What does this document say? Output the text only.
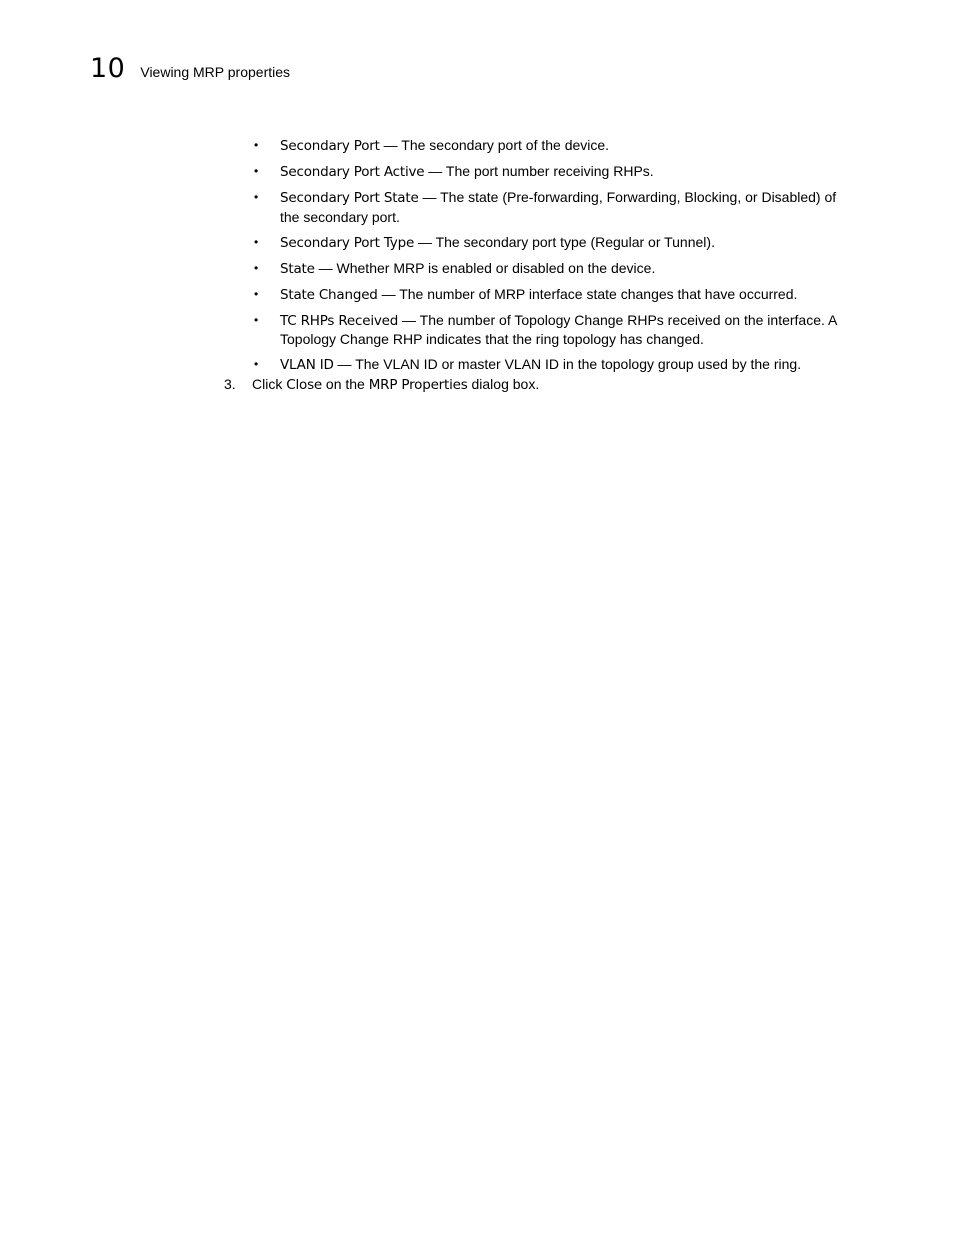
10 Viewing MRP properties
• Secondary Port — The secondary port of the device.
• Secondary Port Active — The port number receiving RHPs.
• Secondary Port State — The state (Pre-forwarding, Forwarding, Blocking, or Disabled) of the secondary port.
• Secondary Port Type — The secondary port type (Regular or Tunnel).
• State — Whether MRP is enabled or disabled on the device.
• State Changed — The number of MRP interface state changes that have occurred.
• TC RHPs Received — The number of Topology Change RHPs received on the interface. A Topology Change RHP indicates that the ring topology has changed.
• VLAN ID — The VLAN ID or master VLAN ID in the topology group used by the ring.
3.	Click Close on the MRP Properties dialog box.
